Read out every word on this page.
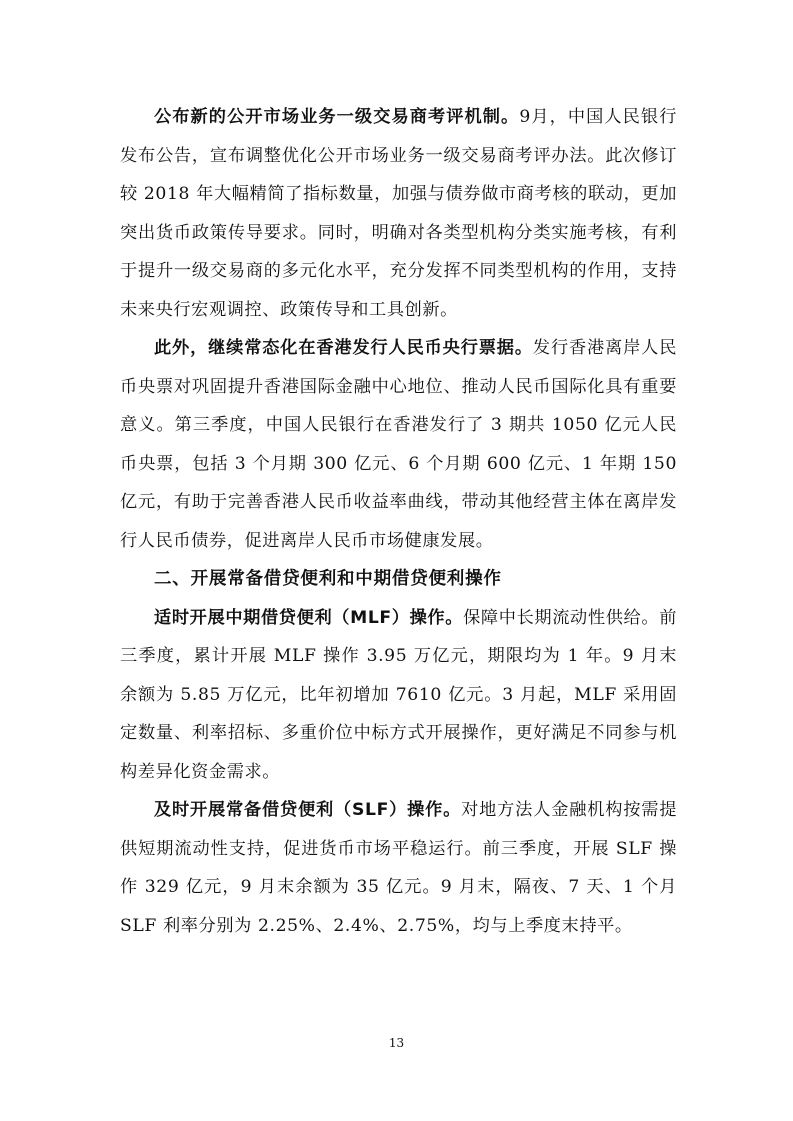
公布新的公开市场业务一级交易商考评机制。9月，中国人民银行发布公告，宣布调整优化公开市场业务一级交易商考评办法。此次修订较 2018 年大幅精简了指标数量，加强与债券做市商考核的联动，更加突出货币政策传导要求。同时，明确对各类型机构分类实施考核，有利于提升一级交易商的多元化水平，充分发挥不同类型机构的作用，支持未来央行宏观调控、政策传导和工具创新。

此外，继续常态化在香港发行人民币央行票据。发行香港离岸人民币央票对巩固提升香港国际金融中心地位、推动人民币国际化具有重要意义。第三季度，中国人民银行在香港发行了 3 期共 1050 亿元人民币央票，包括 3 个月期 300 亿元、6 个月期 600 亿元、1 年期 150 亿元，有助于完善香港人民币收益率曲线，带动其他经营主体在离岸发行人民币债券，促进离岸人民币市场健康发展。

二、开展常备借贷便利和中期借贷便利操作

适时开展中期借贷便利（MLF）操作。保障中长期流动性供给。前三季度，累计开展 MLF 操作 3.95 万亿元，期限均为 1 年。9 月末余额为 5.85 万亿元，比年初增加 7610 亿元。3 月起，MLF 采用固定数量、利率招标、多重价位中标方式开展操作，更好满足不同参与机构差异化资金需求。

及时开展常备借贷便利（SLF）操作。对地方法人金融机构按需提供短期流动性支持，促进货币市场平稳运行。前三季度，开展 SLF 操作 329 亿元，9 月末余额为 35 亿元。9 月末，隔夜、7 天、1 个月 SLF 利率分别为 2.25%、2.4%、2.75%，均与上季度末持平。

13
